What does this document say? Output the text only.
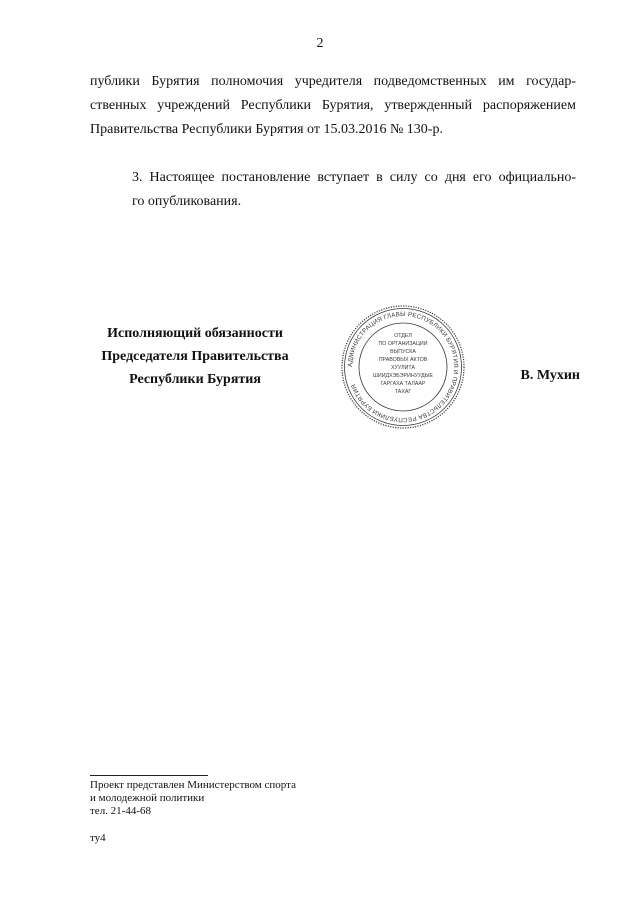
2
публики Бурятия полномочия учредителя подведомственных им государ-
ственных учреждений Республики Бурятия, утвержденный распоряжением
Правительства Республики Бурятия от 15.03.2016 № 130-р.
3. Настоящее постановление вступает в силу со дня его официально-
го опубликования.
Исполняющий обязанности
Председателя Правительства
Республики Бурятия
АДМИНИСТРАЦИЯ ГЛАВЫ РЕСПУБЛИКИ БУРЯТИЯ И ПРАВИТЕЛЬСТВА РЕСПУБЛИКИ БУРЯТИЯ
ОТДЕЛ
ПО ОРГАНИЗАЦИИ
ВЫПУСКА
ПРАВОВЫХ АКТОВ
ХУУЛИТА
ШИИДХЭБЭРИНУУДЫЕ
ГАРГАХА ТАЛААР
ТАХАГ
В. Мухин
Проект представлен Министерством спорта
и молодежной политики
тел. 21-44-68
ту4
